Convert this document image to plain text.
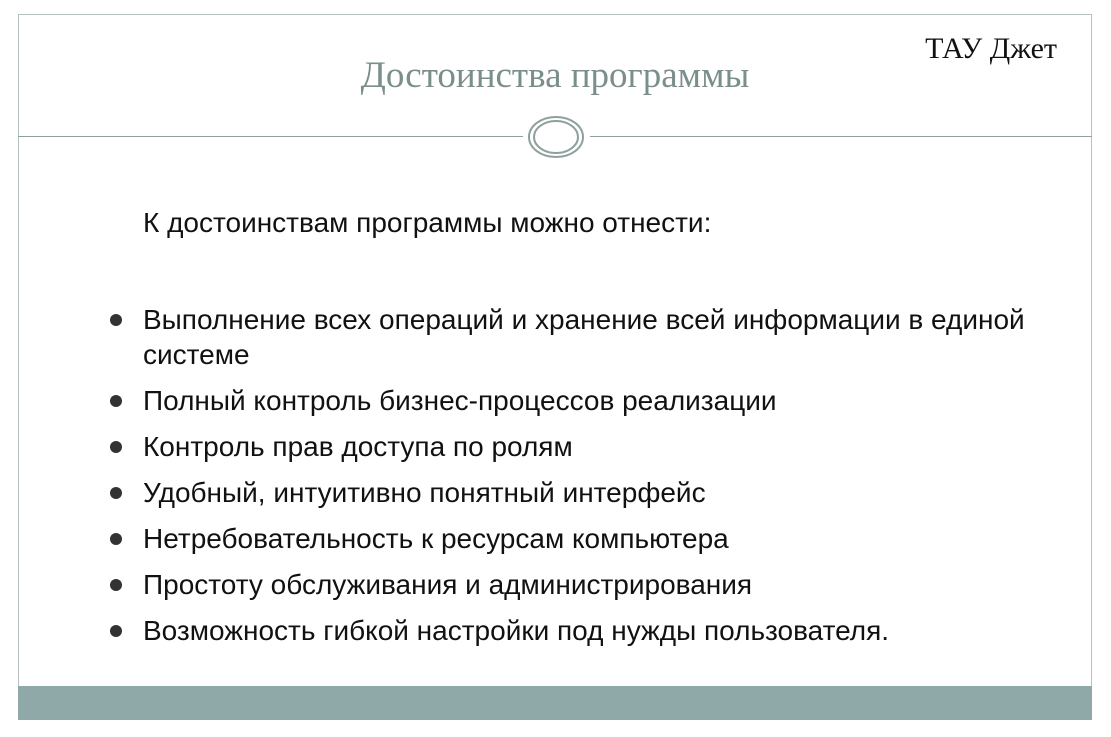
Достоинства программы
ТАУ Джет
К достоинствам программы можно отнести:
Выполнение всех операций и хранение всей информации в единой системе
Полный контроль бизнес-процессов реализации
Контроль прав доступа по ролям
Удобный, интуитивно понятный интерфейс
Нетребовательность к ресурсам компьютера
Простоту обслуживания и администрирования
Возможность гибкой настройки под нужды пользователя.
